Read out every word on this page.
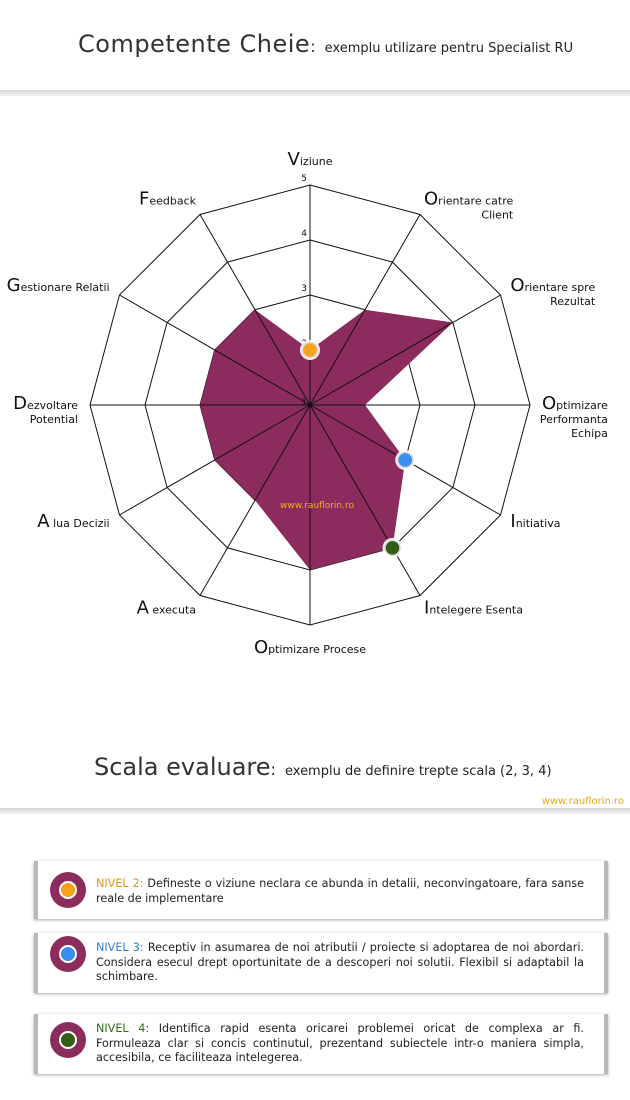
Competente Cheie: exemplu utilizare pentru Specialist RU
1
3
4
5
www.rauflorin.ro
Viziune
Orientare catre
Client
Orientare spre
Rezultat
Optimizare
Performanta
Echipa
Initiativa
Intelegere Esenta
Optimizare Procese
A executa
A lua Decizii
Dezvoltare
Potential
Gestionare Relatii
Feedback
Scala evaluare: exemplu de definire trepte scala (2, 3, 4)
www.rauflorin.ro
NIVEL 2: Defineste o viziune neclara ce abunda in detalii, neconvingatoare, fara sanse reale de implementare
NIVEL 3: Receptiv in asumarea de noi atributii / proiecte si adoptarea de noi abordari. Considera esecul drept oportunitate de a descoperi noi solutii. Flexibil si adaptabil la schimbare.
NIVEL 4: Identifica rapid esenta oricarei problemei oricat de complexa ar fi. Formuleaza clar si concis continutul, prezentand subiectele intr-o maniera simpla, accesibila, ce faciliteaza intelegerea.
